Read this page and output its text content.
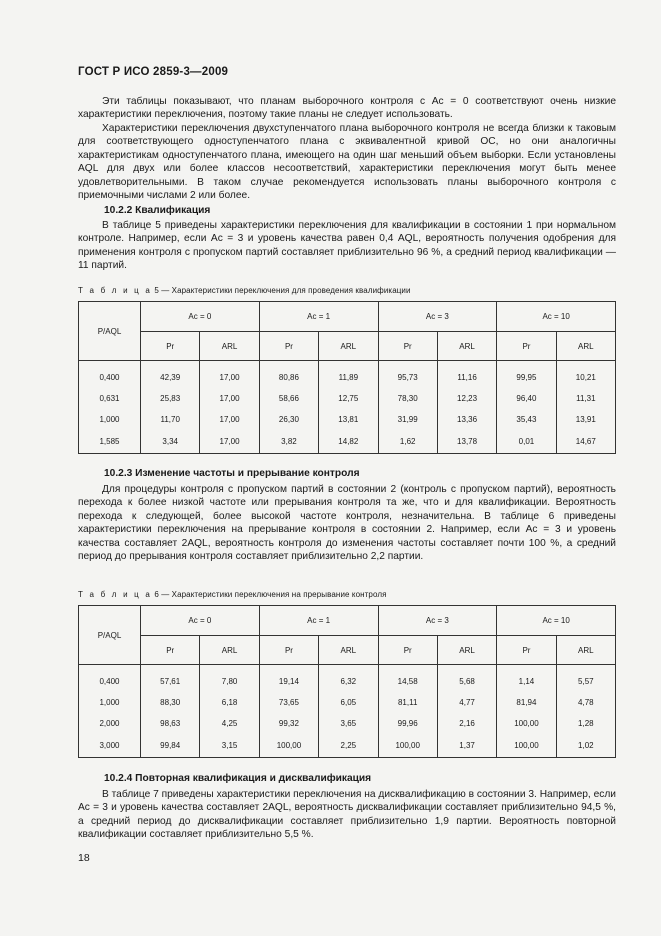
ГОСТ Р ИСО 2859-3—2009

Эти таблицы показывают, что планам выборочного контроля с Ac = 0 соответствуют очень низкие характеристики переключения, поэтому такие планы не следует использовать.

Характеристики переключения двухступенчатого плана выборочного контроля не всегда близки к таковым для соответствующего одноступенчатого плана с эквивалентной кривой ОС, но они аналогичны характеристикам одноступенчатого плана, имеющего на один шаг меньший объем выборки. Если установлены AQL для двух или более классов несоответствий, характеристики переключения могут быть менее удовлетворительными. В таком случае рекомендуется использовать планы выборочного контроля с приемочными числами 2 или более.

10.2.2 Квалификация

В таблице 5 приведены характеристики переключения для квалификации в состоянии 1 при нормальном контроле. Например, если Ac = 3 и уровень качества равен 0,4 AQL, вероятность получения одобрения для применения контроля с пропуском партий составляет приблизительно 96 %, а средний период квалификации — 11 партий.

Т а б л и ц а 5 — Характеристики переключения для проведения квалификации
P/AQL	Ac = 0		Ac = 1		Ac = 3		Ac = 10	
	Pr	ARL	Pr	ARL	Pr	ARL	Pr	ARL
0,400	42,39	17,00	80,86	11,89	95,73	11,16	99,95	10,21
0,631	25,83	17,00	58,66	12,75	78,30	12,23	96,40	11,31
1,000	11,70	17,00	26,30	13,81	31,99	13,36	35,43	13,91
1,585	3,34	17,00	3,82	14,82	1,62	13,78	0,01	14,67
10.2.3 Изменение частоты и прерывание контроля

Для процедуры контроля с пропуском партий в состоянии 2 (контроль с пропуском партий), вероятность перехода к более низкой частоте или прерывания контроля та же, что и для квалификации. Вероятность перехода к следующей, более высокой частоте контроля, незначительна. В таблице 6 приведены характеристики переключения на прерывание контроля в состоянии 2. Например, если Ac = 3 и уровень качества составляет 2AQL, вероятность контроля до изменения частоты составляет почти 100 %, а средний период до прерывания контроля составляет приблизительно 2,2 партии.

Т а б л и ц а 6 — Характеристики переключения на прерывание контроля
P/AQL	Ac = 0		Ac = 1		Ac = 3		Ac = 10	
	Pr	ARL	Pr	ARL	Pr	ARL	Pr	ARL
0,400	57,61	7,80	19,14	6,32	14,58	5,68	1,14	5,57
1,000	88,30	6,18	73,65	6,05	81,11	4,77	81,94	4,78
2,000	98,63	4,25	99,32	3,65	99,96	2,16	100,00	1,28
3,000	99,84	3,15	100,00	2,25	100,00	1,37	100,00	1,02
10.2.4 Повторная квалификация и дисквалификация

В таблице 7 приведены характеристики переключения на дисквалификацию в состоянии 3. Например, если Ac = 3 и уровень качества составляет 2AQL, вероятность дисквалификации составляет приблизительно 94,5 %, а средний период до дисквалификации составляет приблизительно 1,9 партии. Вероятность повторной квалификации составляет приблизительно 5,5 %.

18
